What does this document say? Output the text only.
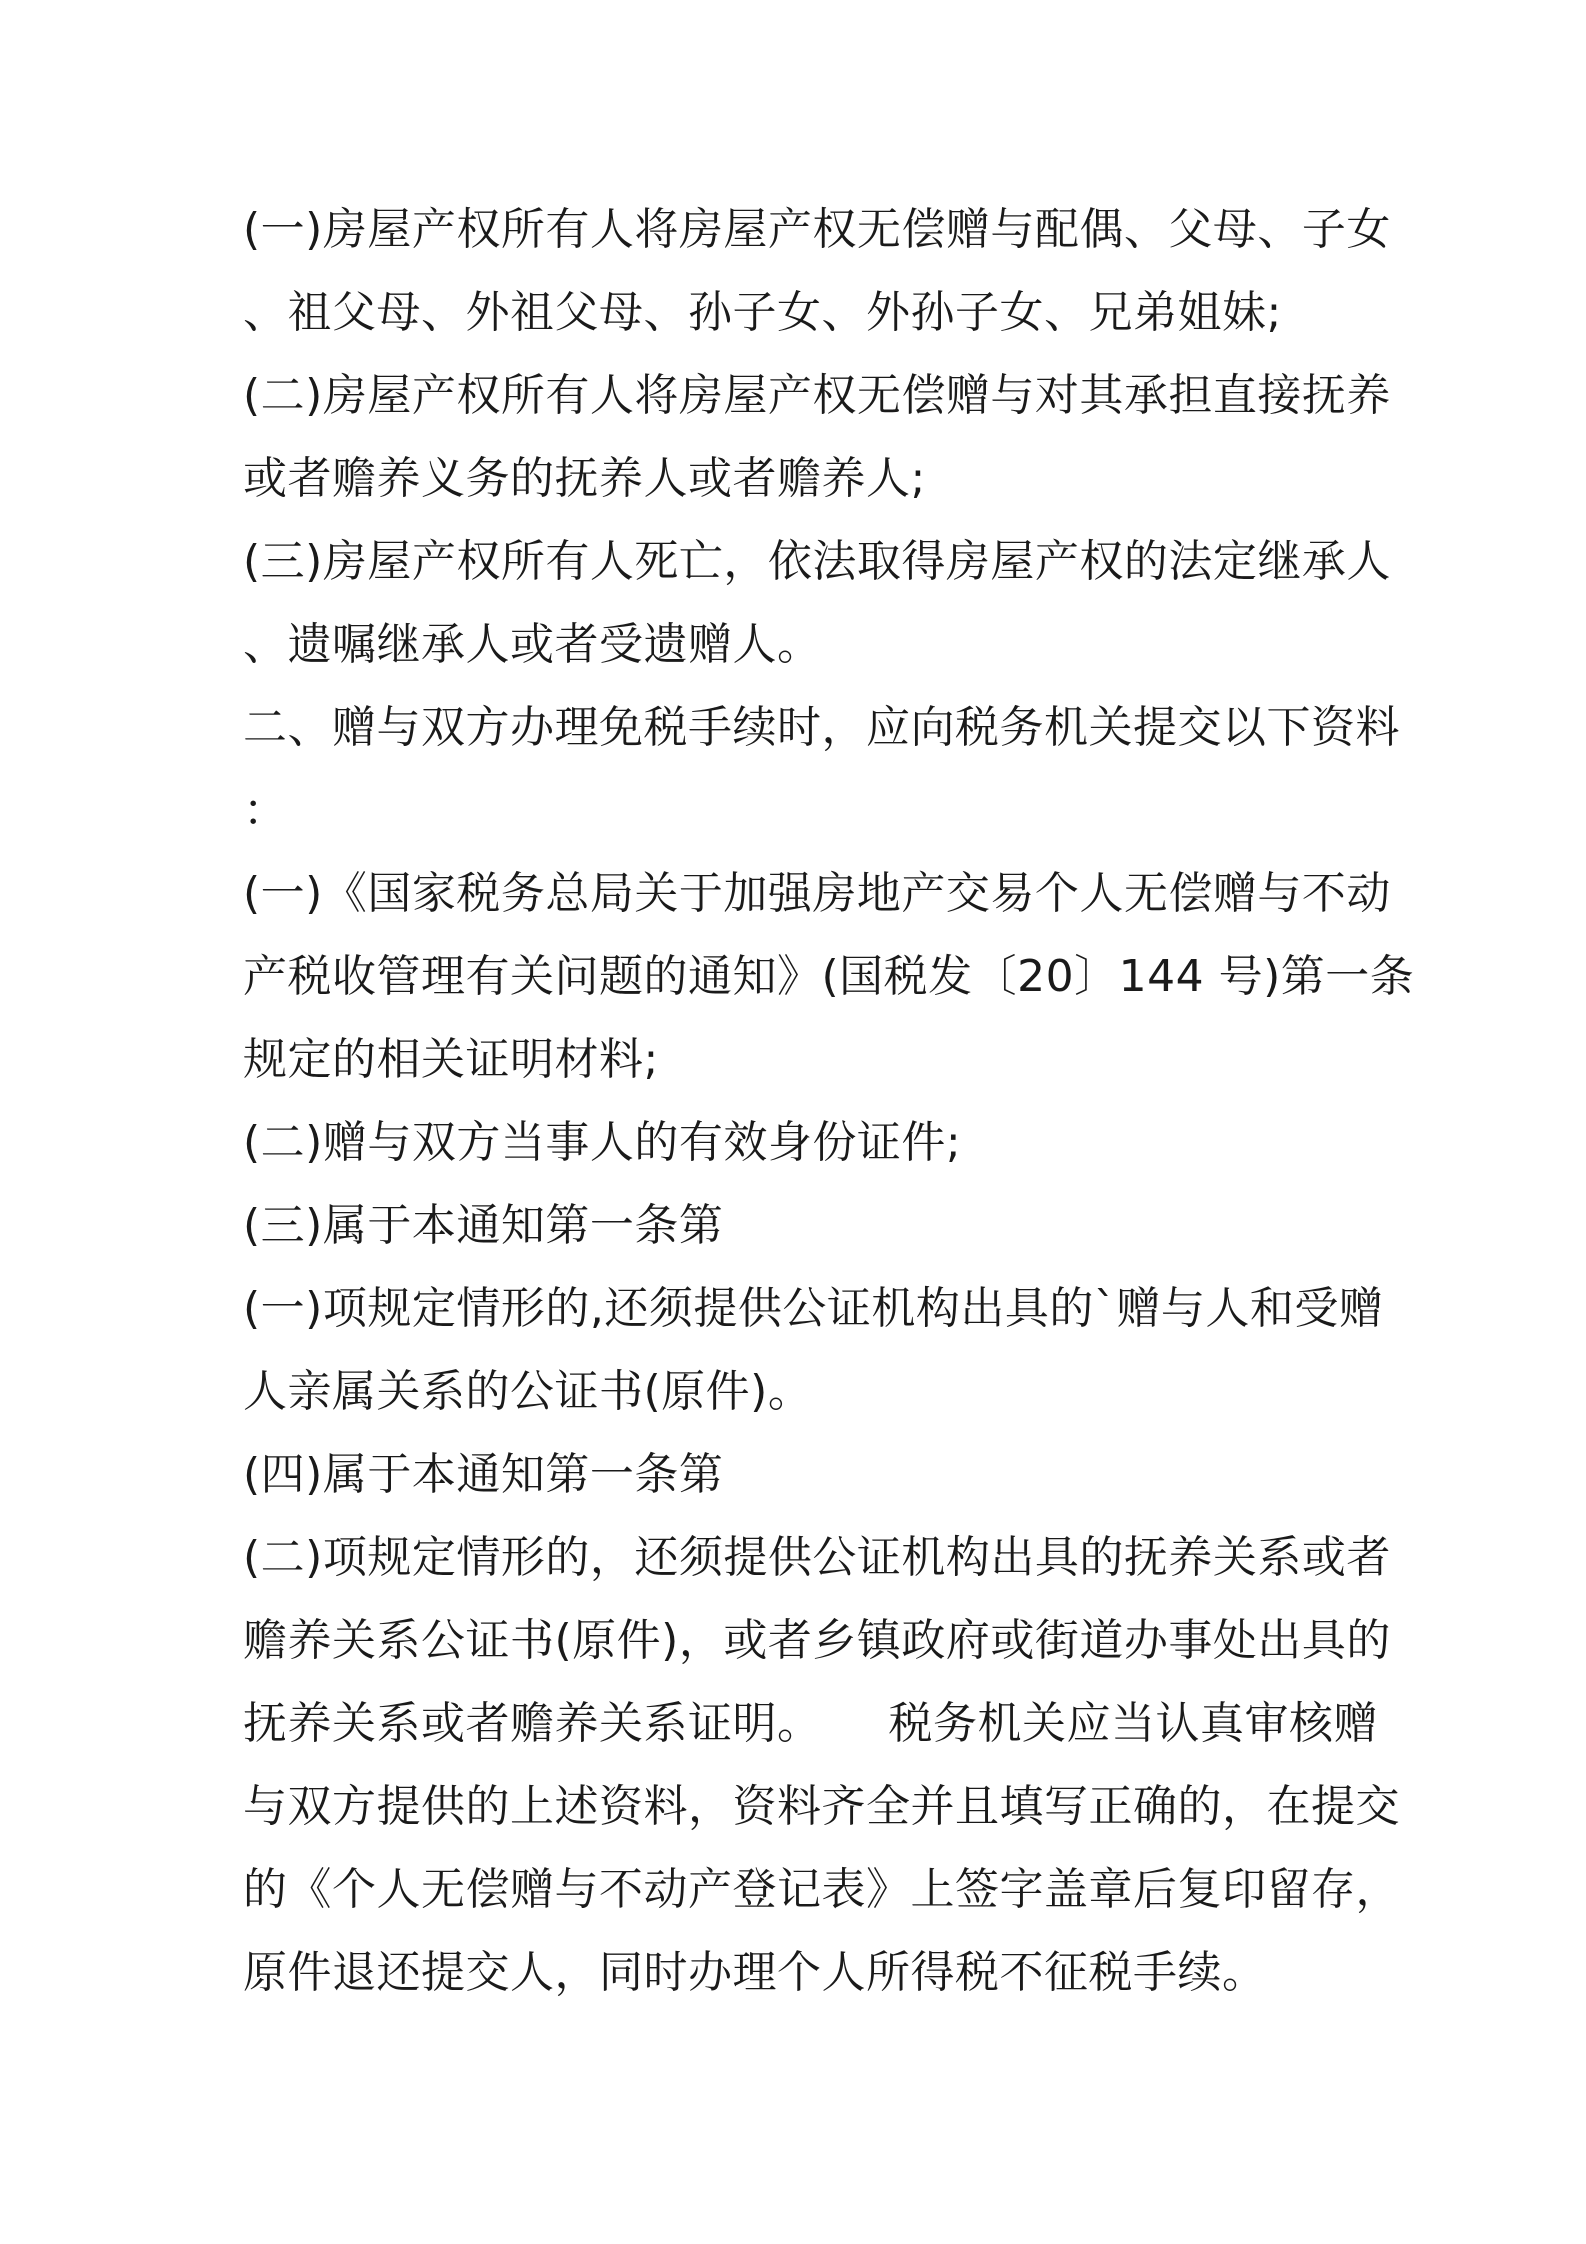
(一)房屋产权所有人将房屋产权无偿赠与配偶、父母、子女
、祖父母、外祖父母、孙子女、外孙子女、兄弟姐妹;
(二)房屋产权所有人将房屋产权无偿赠与对其承担直接抚养
或者赡养义务的抚养人或者赡养人;
(三)房屋产权所有人死亡，依法取得房屋产权的法定继承人
、遗嘱继承人或者受遗赠人。
二、赠与双方办理免税手续时，应向税务机关提交以下资料
：
(一)《国家税务总局关于加强房地产交易个人无偿赠与不动
产税收管理有关问题的通知》(国税发〔20〕144 号)第一条
规定的相关证明材料;
(二)赠与双方当事人的有效身份证件;
(三)属于本通知第一条第
(一)项规定情形的,还须提供公证机构出具的`赠与人和受赠
人亲属关系的公证书(原件)。
(四)属于本通知第一条第
(二)项规定情形的，还须提供公证机构出具的抚养关系或者
赡养关系公证书(原件)，或者乡镇政府或街道办事处出具的
抚养关系或者赡养关系证明。　　税务机关应当认真审核赠
与双方提供的上述资料，资料齐全并且填写正确的，在提交
的《个人无偿赠与不动产登记表》上签字盖章后复印留存，
原件退还提交人，同时办理个人所得税不征税手续。
